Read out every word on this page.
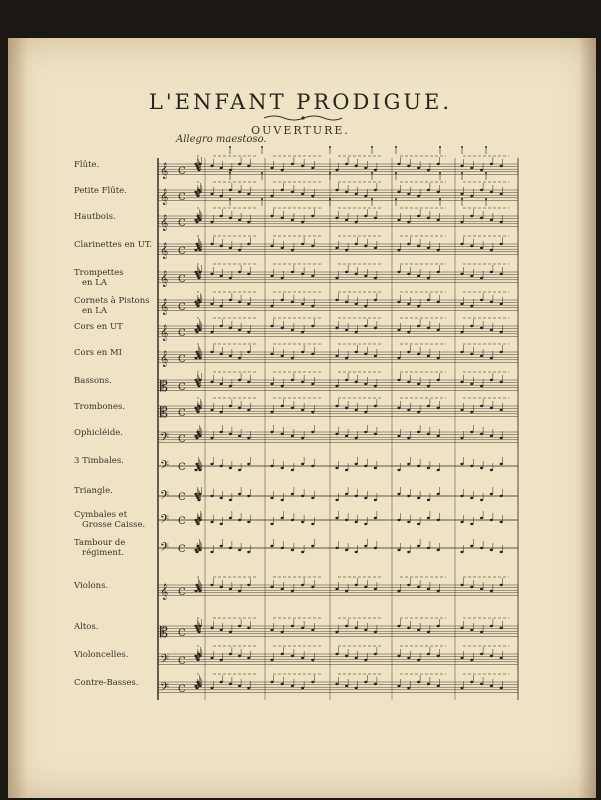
L'ENFANT PRODIGUE.
OUVERTURE.
Allegro maestoso.
Flûte.
Petite Flûte.
Hautbois.
Clarinettes en UT.
Trompettes
en LA
Cornets à Pistons
en LA
Cors en UT
Cors en MI
Bassons.
Trombones.
Ophicléide.
3 Timbales.
Triangle.
Cymbales et
Grosse Caisse.
Tambour de
régiment.
Violons.
Altos.
Violoncelles.
Contre-Basses.
𝄞 C
𝄞 C
𝄞 C
𝄞 C
𝄞 C
𝄞 C
𝄞 C
𝄞 C
𝄡 C
𝄡 C
𝄢 C
𝄢 C
𝄢 C
𝄢 C
𝄢 C
𝄞 C
𝄡 C
𝄢 C
𝄢 C
